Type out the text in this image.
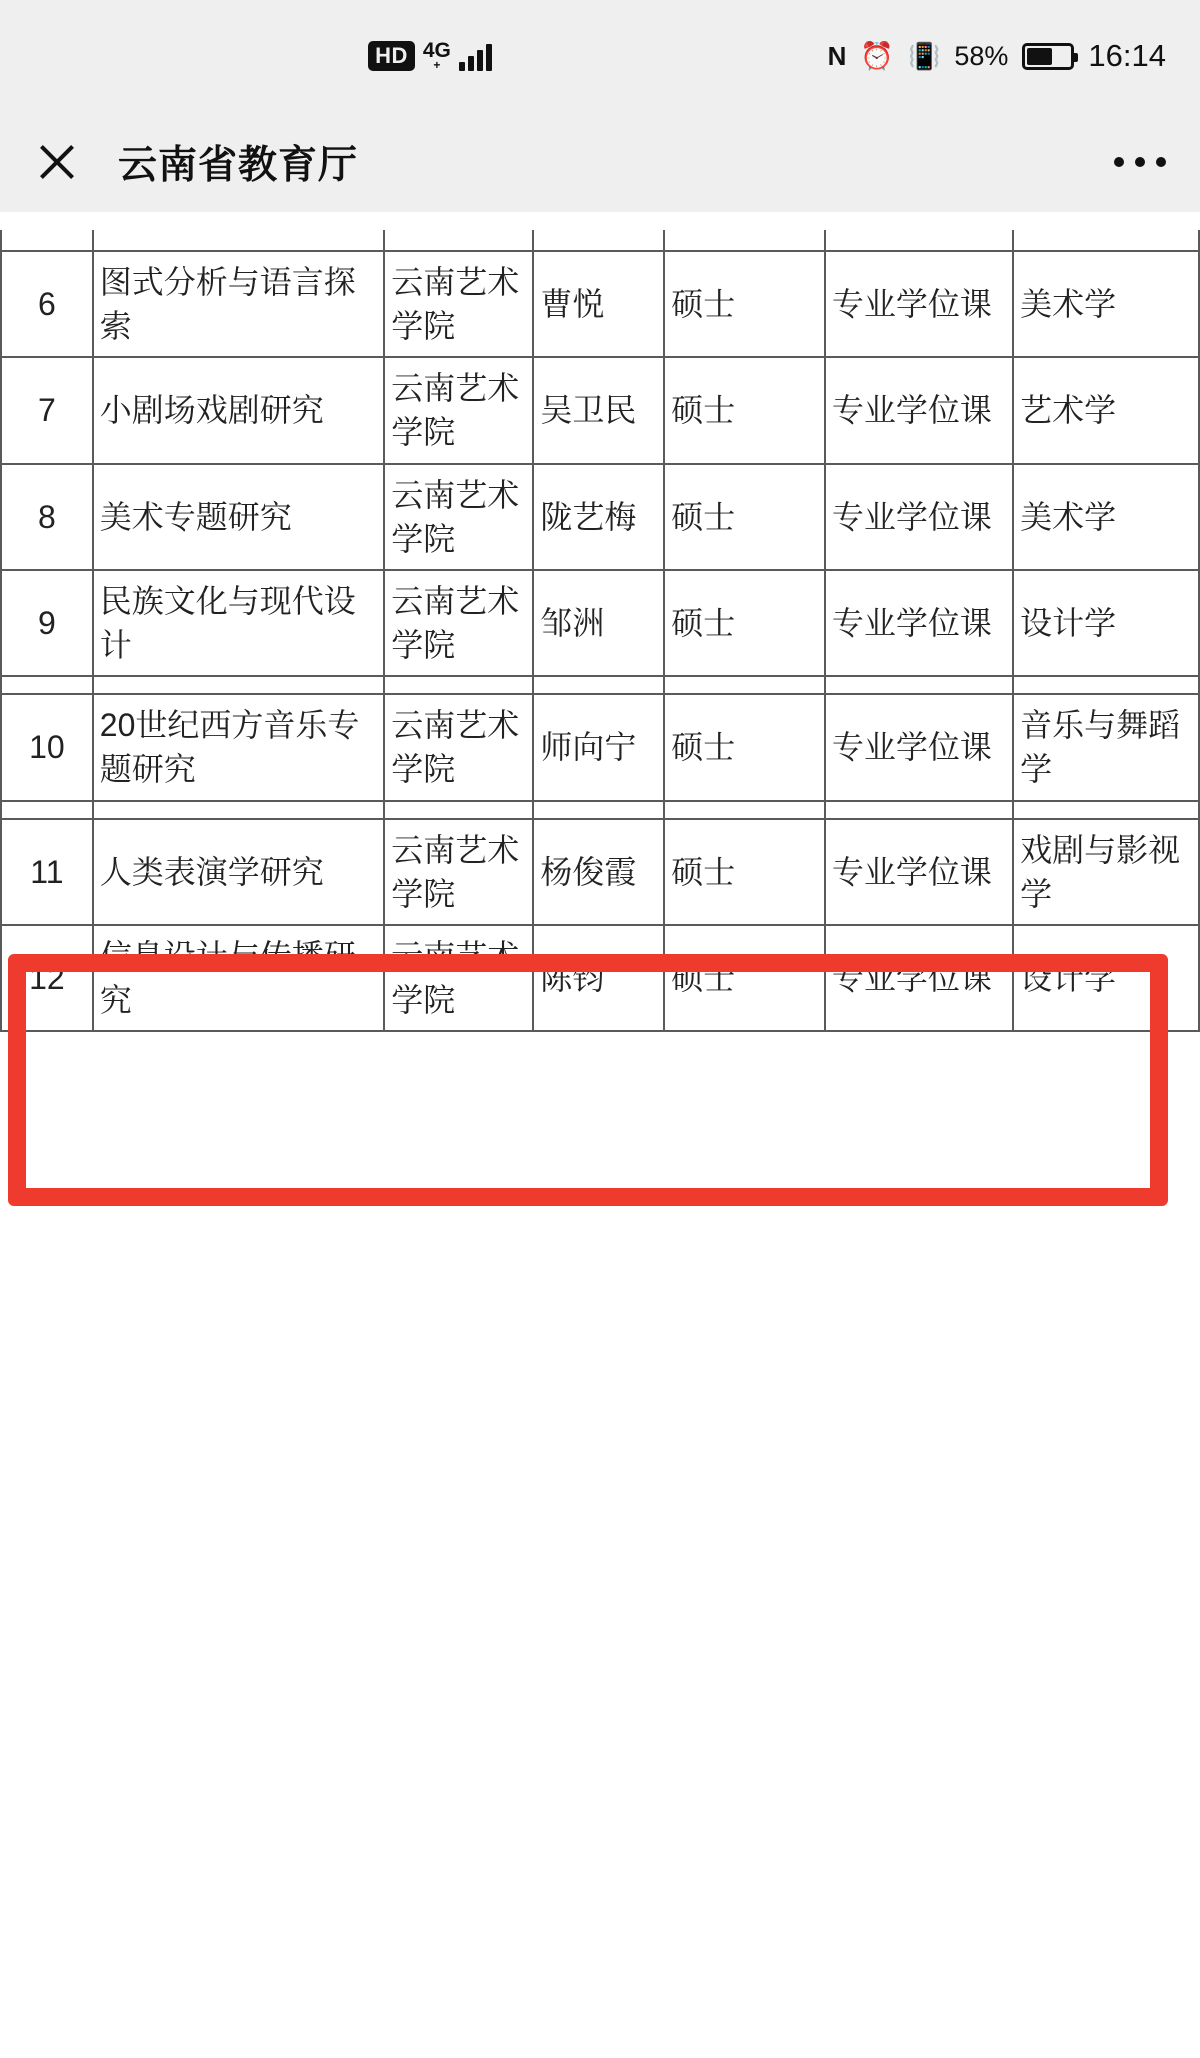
HD 4G
+	N ⏰ 📳 58%	16:14
云南省教育厅

6	图式分析与语言探索	云南艺术学院	曹悦	硕士	专业学位课	美术学
7	小剧场戏剧研究	云南艺术学院	吴卫民	硕士	专业学位课	艺术学
8	美术专题研究	云南艺术学院	陇艺梅	硕士	专业学位课	美术学
9	民族文化与现代设计	云南艺术学院	邹洲	硕士	专业学位课	设计学

10	20世纪西方音乐专题研究	云南艺术学院	师向宁	硕士	专业学位课	音乐与舞蹈学

11	人类表演学研究	云南艺术学院	杨俊霞	硕士	专业学位课	戏剧与影视学
12	信息设计与传播研究	云南艺术学院	陈钧	硕士	专业学位课	设计学
